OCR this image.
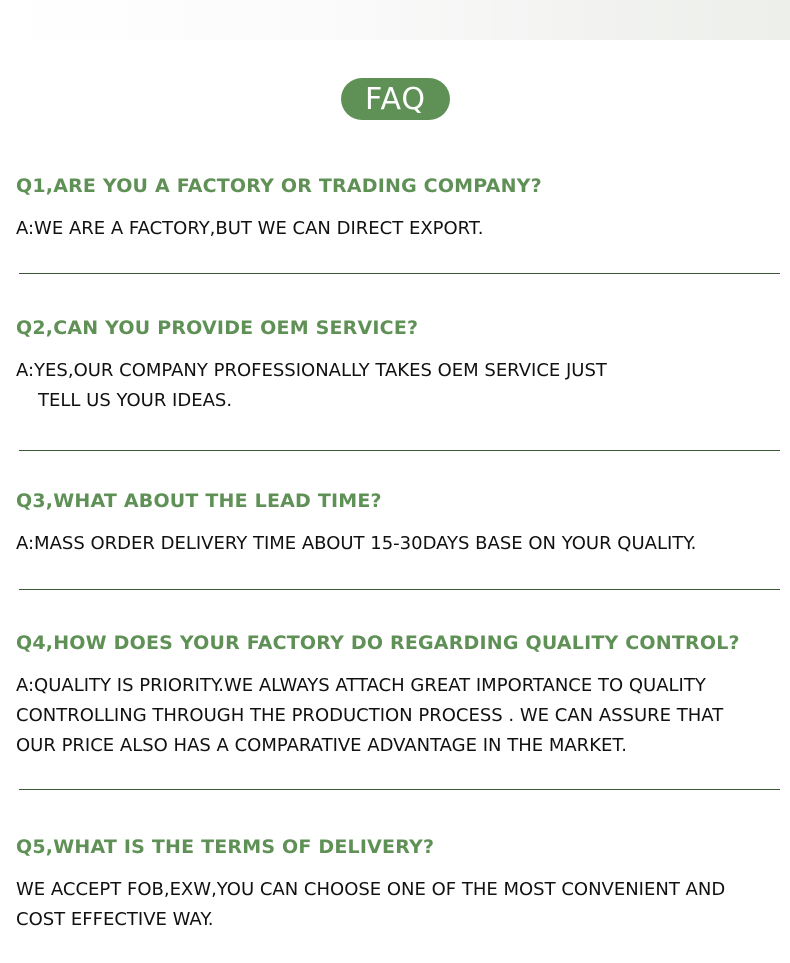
FAQ
Q1,ARE YOU A FACTORY OR TRADING COMPANY?
A:WE ARE A FACTORY,BUT WE CAN DIRECT EXPORT.
Q2,CAN YOU PROVIDE OEM SERVICE?
A:YES,OUR COMPANY PROFESSIONALLY TAKES OEM SERVICE JUST
TELL US YOUR IDEAS.
Q3,WHAT ABOUT THE LEAD TIME?
A:MASS ORDER DELIVERY TIME ABOUT 15-30DAYS BASE ON YOUR QUALITY.
Q4,HOW DOES YOUR FACTORY DO REGARDING QUALITY CONTROL?
A:QUALITY IS PRIORITY.WE ALWAYS ATTACH GREAT IMPORTANCE TO QUALITY
CONTROLLING THROUGH THE PRODUCTION PROCESS . WE CAN ASSURE THAT
OUR PRICE ALSO HAS A COMPARATIVE ADVANTAGE IN THE MARKET.
Q5,WHAT IS THE TERMS OF DELIVERY?
WE ACCEPT FOB,EXW,YOU CAN CHOOSE ONE OF THE MOST CONVENIENT AND
COST EFFECTIVE WAY.
